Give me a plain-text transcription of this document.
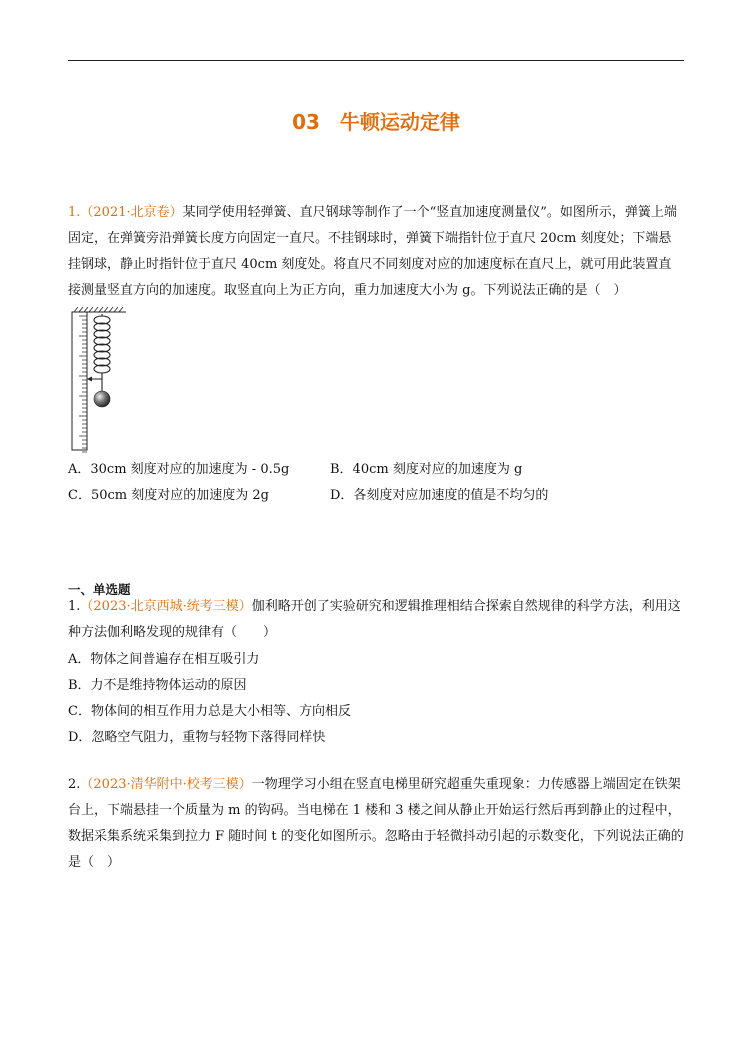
03　牛顿运动定律

1.（2021·北京卷）某同学使用轻弹簧、直尺钢球等制作了一个“竖直加速度测量仪”。如图所示，弹簧上端固定，在弹簧旁沿弹簧长度方向固定一直尺。不挂钢球时，弹簧下端指针位于直尺 20cm 刻度处；下端悬挂钢球，静止时指针位于直尺 40cm 刻度处。将直尺不同刻度对应的加速度标在直尺上，就可用此装置直接测量竖直方向的加速度。取竖直向上为正方向，重力加速度大小为 g。下列说法正确的是（　）

A．30cm 刻度对应的加速度为 - 0.5g	B．40cm 刻度对应的加速度为 g
C．50cm 刻度对应的加速度为 2g	D．各刻度对应加速度的值是不均匀的
一、单选题

1.（2023·北京西城·统考三模）伽利略开创了实验研究和逻辑推理相结合探索自然规律的科学方法，利用这种方法伽利略发现的规律有（　　）

A．物体之间普遍存在相互吸引力
B．力不是维持物体运动的原因
C．物体间的相互作用力总是大小相等、方向相反
D．忽略空气阻力，重物与轻物下落得同样快

2.（2023·清华附中·校考三模）一物理学习小组在竖直电梯里研究超重失重现象：力传感器上端固定在铁架台上，下端悬挂一个质量为 m 的钩码。当电梯在 1 楼和 3 楼之间从静止开始运行然后再到静止的过程中，数据采集系统采集到拉力 F 随时间 t 的变化如图所示。忽略由于轻微抖动引起的示数变化，下列说法正确的是（　）
